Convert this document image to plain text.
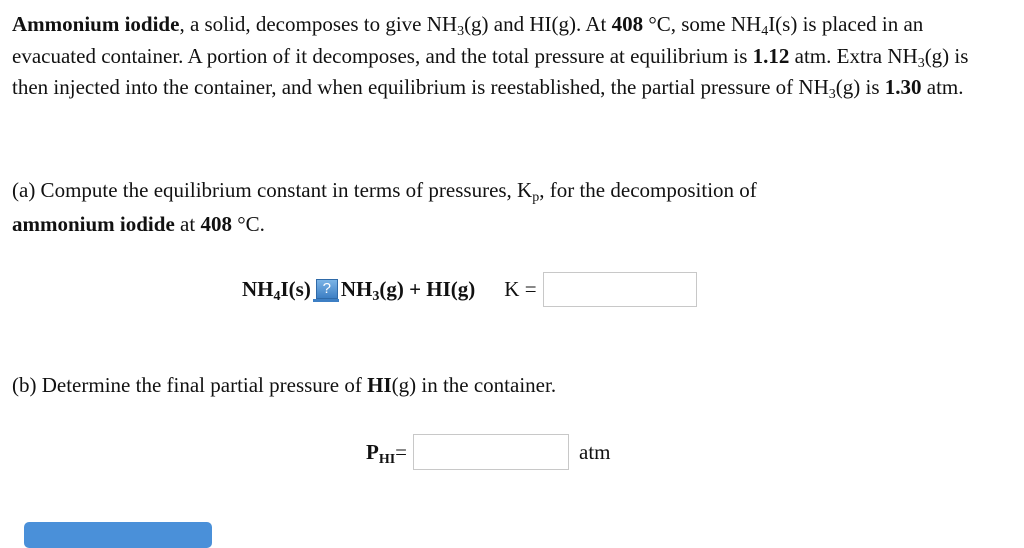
Ammonium iodide, a solid, decomposes to give $NH_3(g)$ and HI(g). At 408 °C, some $NH_4I(s)$ is placed in an evacuated container. A portion of it decomposes, and the total pressure at equilibrium is 1.12 atm. Extra $NH_3(g)$ is then injected into the container, and when equilibrium is reestablished, the partial pressure of $NH_3(g)$ is 1.30 atm.

(a) Compute the equilibrium constant in terms of pressures, $K_p$, for the decomposition of
ammonium iodide at 408 °C.

$NH_4I(s)$ ? $NH_3(g) + HI(g) K$ =

(b) Determine the final partial pressure of HI(g) in the container.

$P_{HI}$ =	atm
